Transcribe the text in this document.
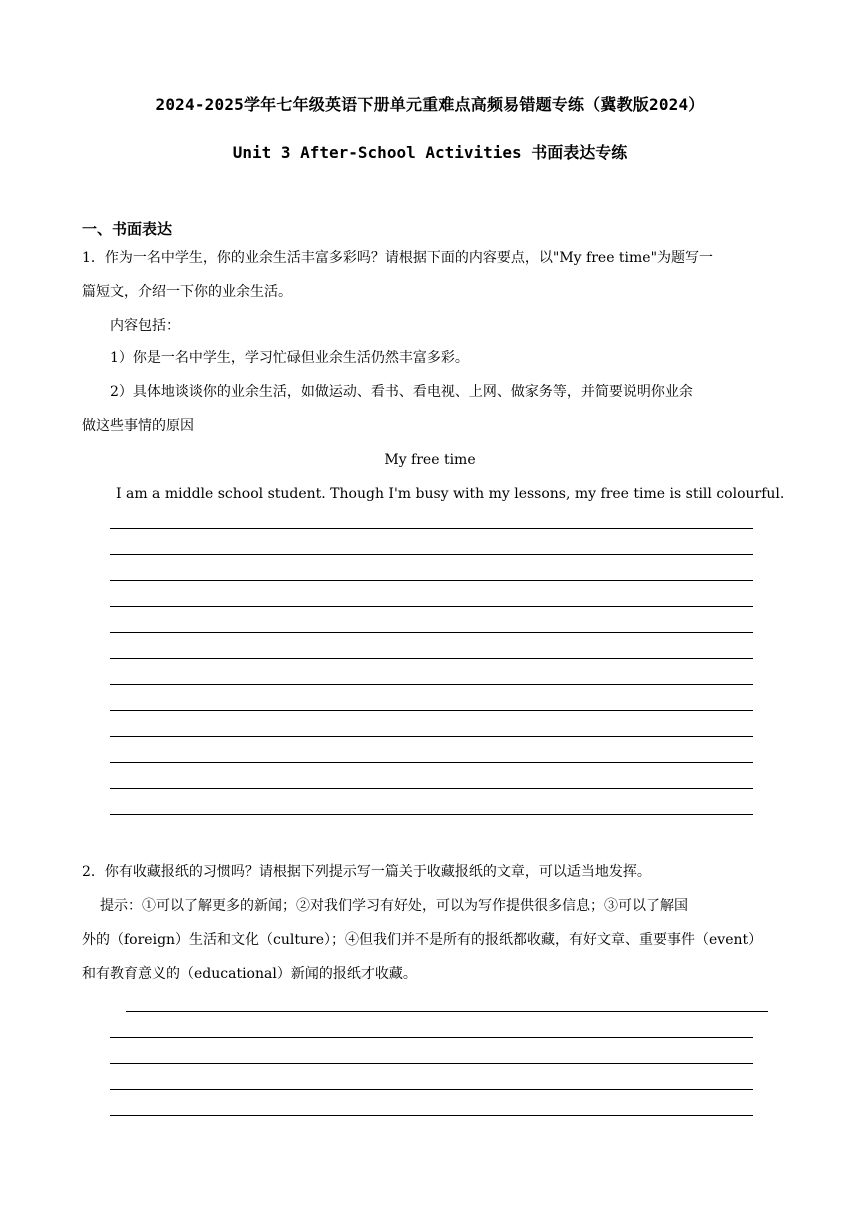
2024-2025学年七年级英语下册单元重难点高频易错题专练（冀教版2024）
Unit 3 After-School Activities 书面表达专练
一、书面表达
1．作为一名中学生，你的业余生活丰富多彩吗？请根据下面的内容要点，以"My free time"为题写一
篇短文，介绍一下你的业余生活。
内容包括：
1）你是一名中学生，学习忙碌但业余生活仍然丰富多彩。
2）具体地谈谈你的业余生活，如做运动、看书、看电视、上网、做家务等，并简要说明你业余
做这些事情的原因
My free time
I am a middle school student. Though I'm busy with my lessons, my free time is still colourful.
2．你有收藏报纸的习惯吗？请根据下列提示写一篇关于收藏报纸的文章，可以适当地发挥。
提示：①可以了解更多的新闻；②对我们学习有好处，可以为写作提供很多信息；③可以了解国
外的（foreign）生活和文化（culture）；④但我们并不是所有的报纸都收藏，有好文章、重要事件（event）
和有教育意义的（educational）新闻的报纸才收藏。
